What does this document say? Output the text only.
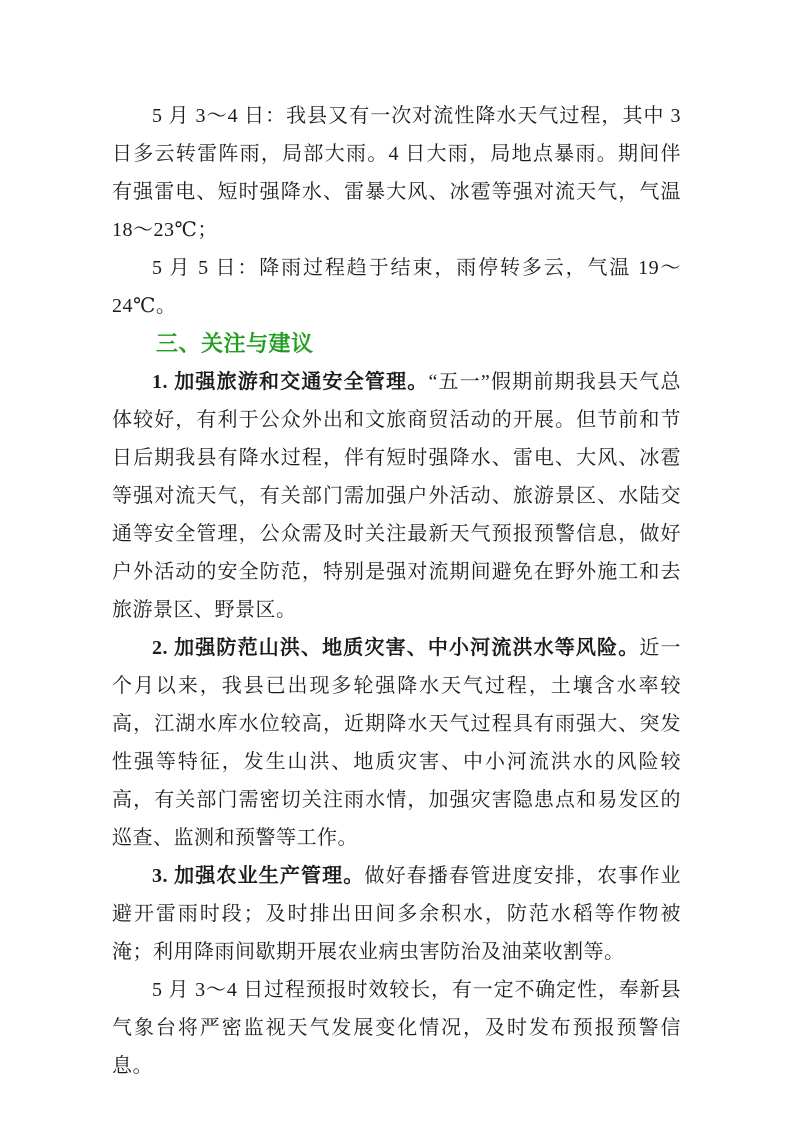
5 月 3～4 日：我县又有一次对流性降水天气过程，其中 3 日多云转雷阵雨，局部大雨。4 日大雨，局地点暴雨。期间伴有强雷电、短时强降水、雷暴大风、冰雹等强对流天气，气温 18～23℃；

5 月 5 日：降雨过程趋于结束，雨停转多云，气温 19～24℃。

三、关注与建议

1. 加强旅游和交通安全管理。“五一”假期前期我县天气总体较好，有利于公众外出和文旅商贸活动的开展。但节前和节日后期我县有降水过程，伴有短时强降水、雷电、大风、冰雹等强对流天气，有关部门需加强户外活动、旅游景区、水陆交通等安全管理，公众需及时关注最新天气预报预警信息，做好户外活动的安全防范，特别是强对流期间避免在野外施工和去旅游景区、野景区。

2. 加强防范山洪、地质灾害、中小河流洪水等风险。近一个月以来，我县已出现多轮强降水天气过程，土壤含水率较高，江湖水库水位较高，近期降水天气过程具有雨强大、突发性强等特征，发生山洪、地质灾害、中小河流洪水的风险较高，有关部门需密切关注雨水情，加强灾害隐患点和易发区的巡查、监测和预警等工作。

3. 加强农业生产管理。做好春播春管进度安排，农事作业避开雷雨时段；及时排出田间多余积水，防范水稻等作物被淹；利用降雨间歇期开展农业病虫害防治及油菜收割等。

5 月 3～4 日过程预报时效较长，有一定不确定性，奉新县气象台将严密监视天气发展变化情况，及时发布预报预警信息。
